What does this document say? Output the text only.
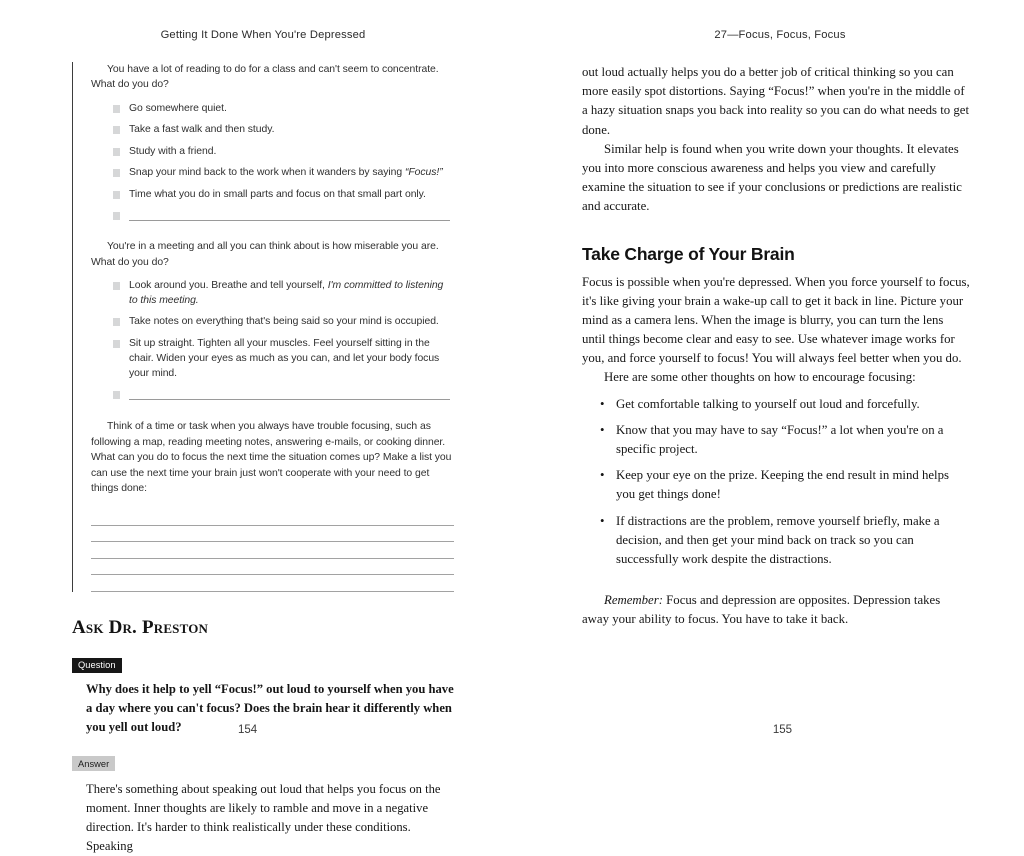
Getting It Done When You're Depressed

You have a lot of reading to do for a class and can't seem to concentrate. What do you do?

Go somewhere quiet.
Take a fast walk and then study.
Study with a friend.
Snap your mind back to the work when it wanders by saying “Focus!”
Time what you do in small parts and focus on that small part only.

You're in a meeting and all you can think about is how miserable you are. What do you do?

Look around you. Breathe and tell yourself, I'm committed to listening to this meeting.
Take notes on everything that's being said so your mind is occupied.
Sit up straight. Tighten all your muscles. Feel yourself sitting in the chair. Widen your eyes as much as you can, and let your body focus your mind.

Think of a time or task when you always have trouble focusing, such as following a map, reading meeting notes, answering e-mails, or cooking dinner. What can you do to focus the next time the situation comes up? Make a list you can use the next time your brain just won't cooperate with your need to get things done:

Ask Dr. Preston
Question

Why does it help to yell “Focus!” out loud to yourself when you have a day where you can't focus? Does the brain hear it differently when you yell out loud?

Answer

There's something about speaking out loud that helps you focus on the moment. Inner thoughts are likely to ramble and move in a negative direction. It's harder to think realistically under these conditions. Speaking

154
27—Focus, Focus, Focus

out loud actually helps you do a better job of critical thinking so you can more easily spot distortions. Saying “Focus!” when you're in the middle of a hazy situation snaps you back into reality so you can do what needs to get done.

Similar help is found when you write down your thoughts. It elevates you into more conscious awareness and helps you view and carefully examine the situation to see if your conclusions or predictions are realistic and accurate.

Take Charge of Your Brain

Focus is possible when you're depressed. When you force yourself to focus, it's like giving your brain a wake-up call to get it back in line. Picture your mind as a camera lens. When the image is blurry, you can turn the lens until things become clear and easy to see. Use whatever image works for you, and force yourself to focus! You will always feel better when you do.

Here are some other thoughts on how to encourage focusing:

• Get comfortable talking to yourself out loud and forcefully.
• Know that you may have to say “Focus!” a lot when you're on a specific project.
• Keep your eye on the prize. Keeping the end result in mind helps you get things done!
• If distractions are the problem, remove yourself briefly, make a decision, and then get your mind back on track so you can successfully work despite the distractions.

Remember: Focus and depression are opposites. Depression takes away your ability to focus. You have to take it back.

155
